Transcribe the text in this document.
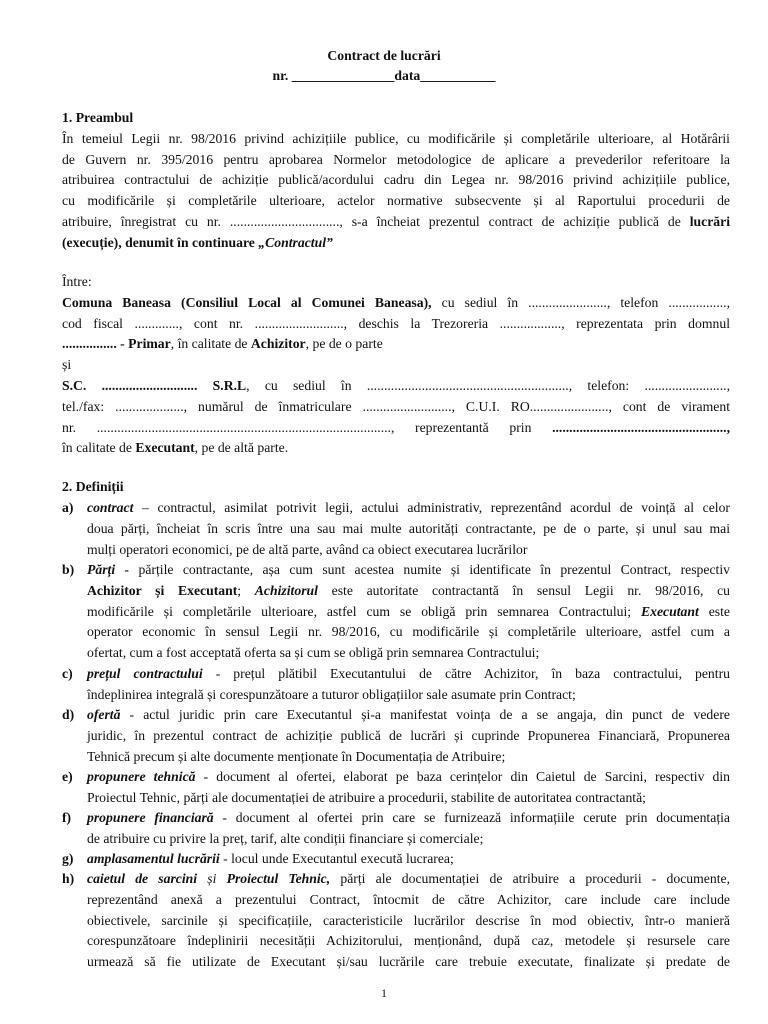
Contract de lucrări
nr. _______________data___________

1. Preambul

În temeiul Legii nr. 98/2016 privind achizițiile publice, cu modificările și completările ulterioare, al Hotărârii

de Guvern nr. 395/2016 pentru aprobarea Normelor metodologice de aplicare a prevederilor referitoare la

atribuirea contractului de achiziție publică/acordului cadru din Legea nr. 98/2016 privind achizițiile publice,

cu modificările și completările ulterioare, actelor normative subsecvente și al Raportului procedurii de

atribuire, înregistrat cu nr. ................................, s-a încheiat prezentul contract de achiziție publică de lucrări

(execuție), denumit în continuare „Contractul”

Între:

Comuna Baneasa (Consiliul Local al Comunei Baneasa), cu sediul în ......................., telefon .................,

cod fiscal ............., cont nr. .........................., deschis la Trezoreria .................., reprezentata prin domnul

................ - Primar, în calitate de Achizitor, pe de o parte

și

S.C. ............................ S.R.L, cu sediul în ..........................................................., telefon: ........................,

tel./fax: ...................., numărul de înmatriculare .........................., C.U.I. RO......................., cont de virament

nr. ......................................................................................, reprezentantă prin ...................................................,

în calitate de Executant, pe de altă parte.

2. Definiții

a) contract – contractul, asimilat potrivit legii, actului administrativ, reprezentând acordul de voință al celor

doua părți, încheiat în scris între una sau mai multe autorități contractante, pe de o parte, și unul sau mai

mulți operatori economici, pe de altă parte, având ca obiect executarea lucrărilor

b) Părți - părțile contractante, așa cum sunt acestea numite și identificate în prezentul Contract, respectiv

Achizitor și Executant; Achizitorul este autoritate contractantă în sensul Legii nr. 98/2016, cu

modificările și completările ulterioare, astfel cum se obligă prin semnarea Contractului; Executant este

operator economic în sensul Legii nr. 98/2016, cu modificările și completările ulterioare, astfel cum a

ofertat, cum a fost acceptată oferta sa și cum se obligă prin semnarea Contractului;

c) prețul contractului - prețul plătibil Executantului de către Achizitor, în baza contractului, pentru

îndeplinirea integrală și corespunzătoare a tuturor obligațiilor sale asumate prin Contract;

d) ofertă - actul juridic prin care Executantul și-a manifestat voința de a se angaja, din punct de vedere

juridic, în prezentul contract de achiziție publică de lucrări și cuprinde Propunerea Financiară, Propunerea

Tehnică precum și alte documente menționate în Documentația de Atribuire;

e) propunere tehnică - document al ofertei, elaborat pe baza cerințelor din Caietul de Sarcini, respectiv din

Proiectul Tehnic, părți ale documentației de atribuire a procedurii, stabilite de autoritatea contractantă;

f) propunere financiară - document al ofertei prin care se furnizează informațiile cerute prin documentația

de atribuire cu privire la preț, tarif, alte condiții financiare și comerciale;

g) amplasamentul lucrării - locul unde Executantul execută lucrarea;

h) caietul de sarcini și Proiectul Tehnic, părți ale documentației de atribuire a procedurii - documente,

reprezentând anexă a prezentului Contract, întocmit de către Achizitor, care include care include

obiectivele, sarcinile și specificațiile, caracteristicile lucrărilor descrise în mod obiectiv, într-o manieră

corespunzătoare îndeplinirii necesității Achizitorului, menționând, după caz, metodele și resursele care

urmează să fie utilizate de Executant și/sau lucrările care trebuie executate, finalizate și predate de

1
